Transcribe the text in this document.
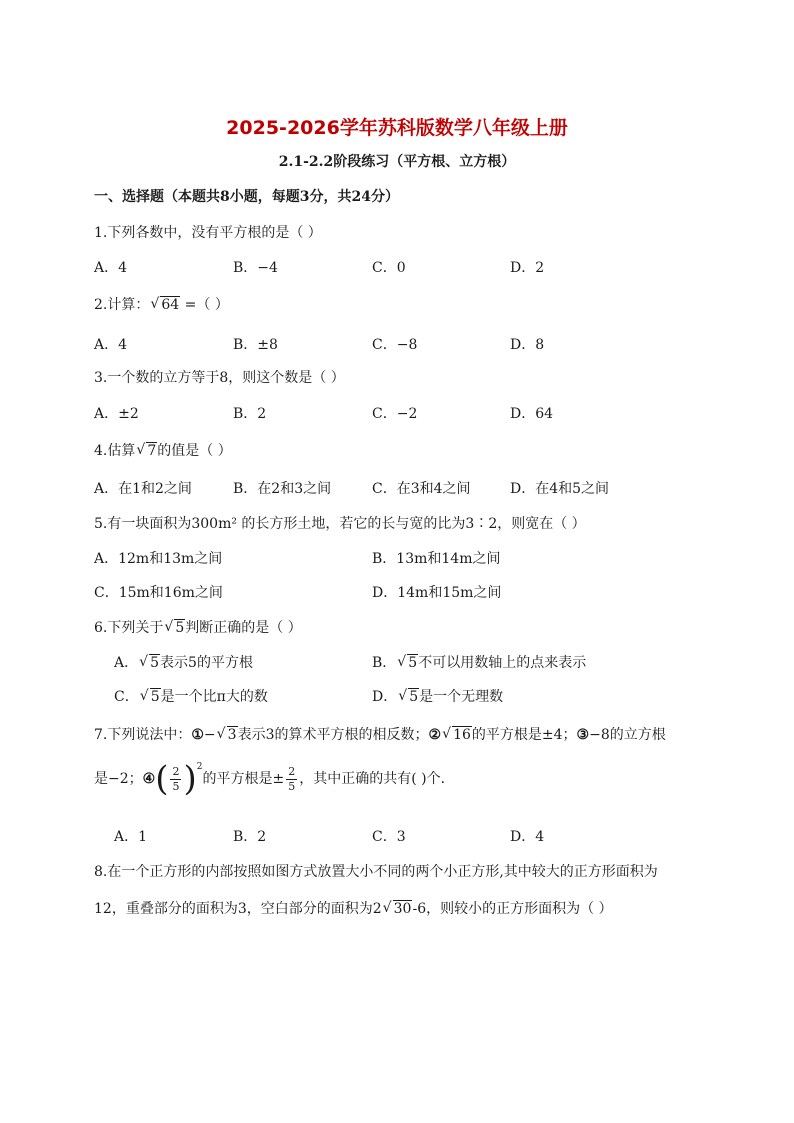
2025-2026学年苏科版数学八年级上册
2.1-2.2阶段练习（平方根、立方根）
一、选择题（本题共8小题，每题3分，共24分）
1.下列各数中，没有平方根的是（ ）
A．4	B．−4	C．0	D．2
2.计算： √ 64 =（ ）
A．4	B．±8	C．−8	D．8
3.一个数的立方等于8，则这个数是（ ）
A．±2	B．2	C．−2	D．64
4.估算 √ 7的值是（ ）
A．在1和2之间	B．在2和3之间	C．在3和4之间	D．在4和5之间
5.有一块面积为300m² 的长方形土地，若它的长与宽的比为3∶2，则宽在（ ）
A．12m和13m之间	B．13m和14m之间
C．15m和16m之间	D．14m和15m之间
6.下列关于 √ 5判断正确的是（ ）
A． √ 5表示5的平方根	B． √ 5不可以用数轴上的点来表示
C． √ 5是一个比π大的数	D． √ 5是一个无理数
7.下列说法中：①− √ 3表示3的算术平方根的相反数；② √ 16的平方根是±4；③−8的立方根
是−2；④( $\frac{2}{5} )^2$的平方根是± $\frac{2}{5}$ ，其中正确的共有( )个．
A．1	B．2	C．3	D．4
8.在一个正方形的内部按照如图方式放置大小不同的两个小正方形,其中较大的正方形面积为
12，重叠部分的面积为3，空白部分的面积为2 √ 30-6，则较小的正方形面积为（ ）
